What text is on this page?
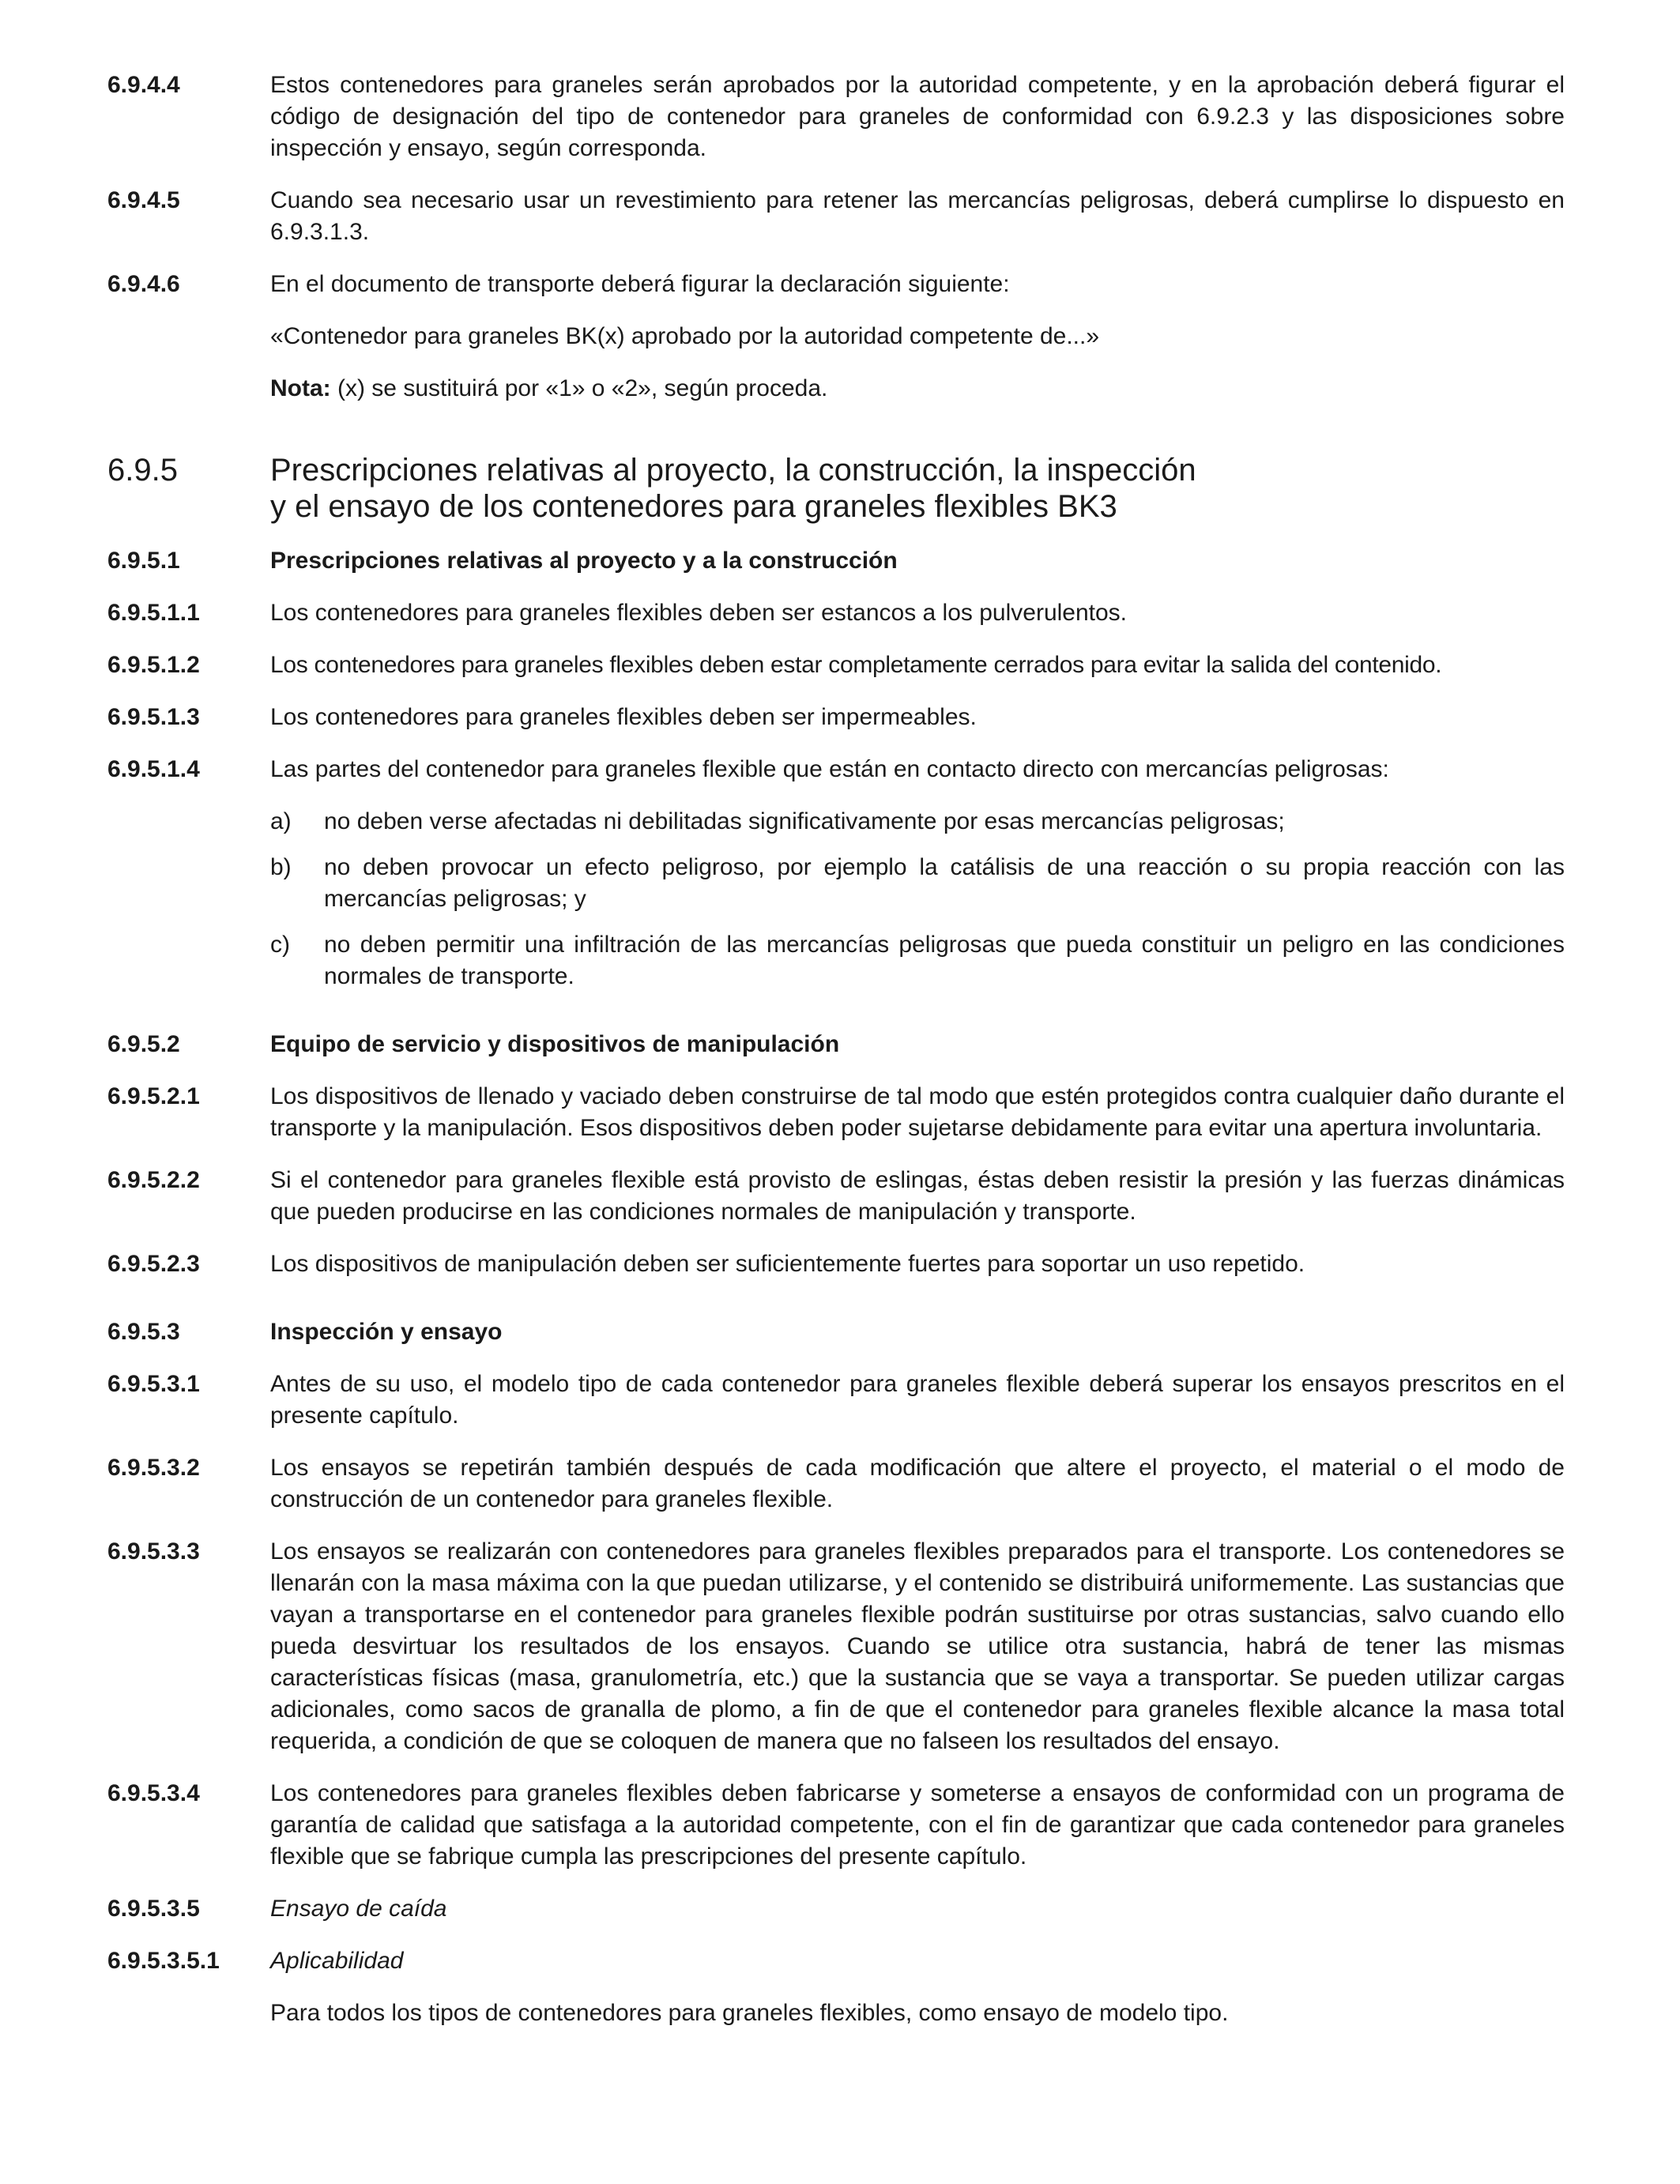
6.9.4.4	Estos contenedores para graneles serán aprobados por la autoridad competente, y en la aprobación deberá figurar el código de designación del tipo de contenedor para graneles de conformidad con 6.9.2.3 y las disposiciones sobre inspección y ensayo, según corresponda.

6.9.4.5	Cuando sea necesario usar un revestimiento para retener las mercancías peligrosas, deberá cumplirse lo dispuesto en 6.9.3.1.3.

6.9.4.6	En el documento de transporte deberá figurar la declaración siguiente:

«Contenedor para graneles BK(x) aprobado por la autoridad competente de...»

Nota: (x) se sustituirá por «1» o «2», según proceda.

6.9.5	Prescripciones relativas al proyecto, la construcción, la inspección
y el ensayo de los contenedores para graneles flexibles BK3
6.9.5.1	Prescripciones relativas al proyecto y a la construcción
6.9.5.1.1	Los contenedores para graneles flexibles deben ser estancos a los pulverulentos.

6.9.5.1.2	Los contenedores para graneles flexibles deben estar completamente cerrados para evitar la salida del contenido.

6.9.5.1.3	Los contenedores para graneles flexibles deben ser impermeables.

6.9.5.1.4	Las partes del contenedor para graneles flexible que están en contacto directo con mercancías peligrosas:

a)	no deben verse afectadas ni debilitadas significativamente por esas mercancías peligrosas;
b)	no deben provocar un efecto peligroso, por ejemplo la catálisis de una reacción o su propia reacción con las mercancías peligrosas; y
c)	no deben permitir una infiltración de las mercancías peligrosas que pueda constituir un peligro en las condiciones normales de transporte.
6.9.5.2	Equipo de servicio y dispositivos de manipulación
6.9.5.2.1	Los dispositivos de llenado y vaciado deben construirse de tal modo que estén protegidos contra cualquier daño durante el transporte y la manipulación. Esos dispositivos deben poder sujetarse debidamente para evitar una apertura involuntaria.

6.9.5.2.2	Si el contenedor para graneles flexible está provisto de eslingas, éstas deben resistir la presión y las fuerzas dinámicas que pueden producirse en las condiciones normales de manipulación y transporte.

6.9.5.2.3	Los dispositivos de manipulación deben ser suficientemente fuertes para soportar un uso repetido.

6.9.5.3	Inspección y ensayo
6.9.5.3.1	Antes de su uso, el modelo tipo de cada contenedor para graneles flexible deberá superar los ensayos prescritos en el presente capítulo.

6.9.5.3.2	Los ensayos se repetirán también después de cada modificación que altere el proyecto, el material o el modo de construcción de un contenedor para graneles flexible.

6.9.5.3.3	Los ensayos se realizarán con contenedores para graneles flexibles preparados para el transporte. Los contenedores se llenarán con la masa máxima con la que puedan utilizarse, y el contenido se distribuirá uniformemente. Las sustancias que vayan a transportarse en el contenedor para graneles flexible podrán sustituirse por otras sustancias, salvo cuando ello pueda desvirtuar los resultados de los ensayos. Cuando se utilice otra sustancia, habrá de tener las mismas características físicas (masa, granulometría, etc.) que la sustancia que se vaya a transportar. Se pueden utilizar cargas adicionales, como sacos de granalla de plomo, a fin de que el contenedor para graneles flexible alcance la masa total requerida, a condición de que se coloquen de manera que no falseen los resultados del ensayo.

6.9.5.3.4	Los contenedores para graneles flexibles deben fabricarse y someterse a ensayos de conformidad con un programa de garantía de calidad que satisfaga a la autoridad competente, con el fin de garantizar que cada contenedor para graneles flexible que se fabrique cumpla las prescripciones del presente capítulo.

6.9.5.3.5	Ensayo de caída
6.9.5.3.5.1	Aplicabilidad

Para todos los tipos de contenedores para graneles flexibles, como ensayo de modelo tipo.
